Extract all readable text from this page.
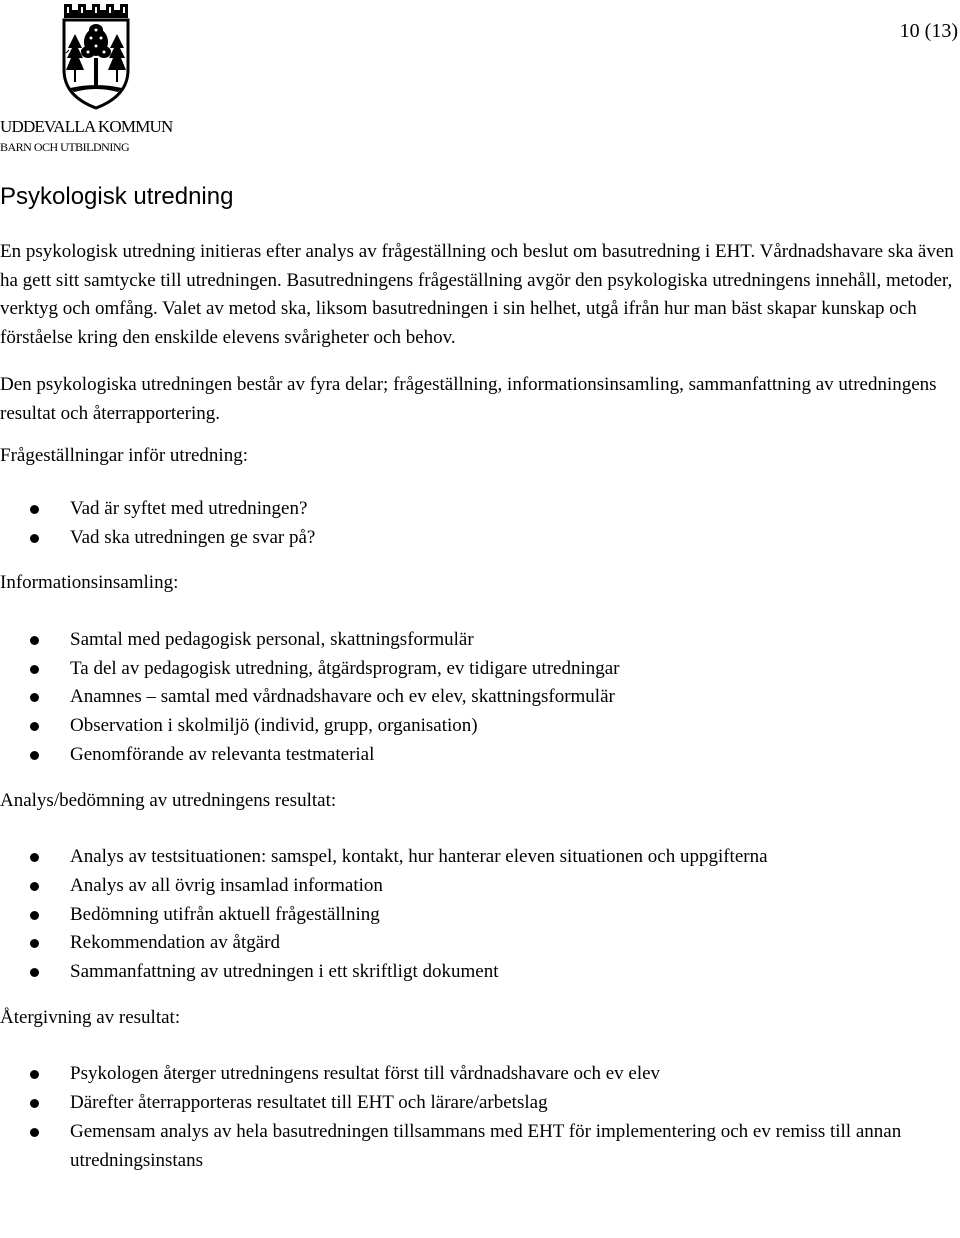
10 (13)
UDDEVALLA KOMMUN
BARN OCH UTBILDNING
Psykologisk utredning

En psykologisk utredning initieras efter analys av frågeställning och beslut om basutredning i EHT. Vårdnadshavare ska även ha gett sitt samtycke till utredningen. Basutredningens frågeställning avgör den psykologiska utredningens innehåll, metoder, verktyg och omfång. Valet av metod ska, liksom basutredningen i sin helhet, utgå ifrån hur man bäst skapar kunskap och förståelse kring den enskilde elevens svårigheter och behov.

Den psykologiska utredningen består av fyra delar; frågeställning, informationsinsamling, sammanfattning av utredningens resultat och återrapportering.

Frågeställningar inför utredning:

Vad är syftet med utredningen?
Vad ska utredningen ge svar på?

Informationsinsamling:

Samtal med pedagogisk personal, skattningsformulär
Ta del av pedagogisk utredning, åtgärdsprogram, ev tidigare utredningar
Anamnes – samtal med vårdnadshavare och ev elev, skattningsformulär
Observation i skolmiljö (individ, grupp, organisation)
Genomförande av relevanta testmaterial

Analys/bedömning av utredningens resultat:

Analys av testsituationen: samspel, kontakt, hur hanterar eleven situationen och uppgifterna
Analys av all övrig insamlad information
Bedömning utifrån aktuell frågeställning
Rekommendation av åtgärd
Sammanfattning av utredningen i ett skriftligt dokument

Återgivning av resultat:

Psykologen återger utredningens resultat först till vårdnadshavare och ev elev
Därefter återrapporteras resultatet till EHT och lärare/arbetslag
Gemensam analys av hela basutredningen tillsammans med EHT för implementering och ev remiss till annan utredningsinstans
